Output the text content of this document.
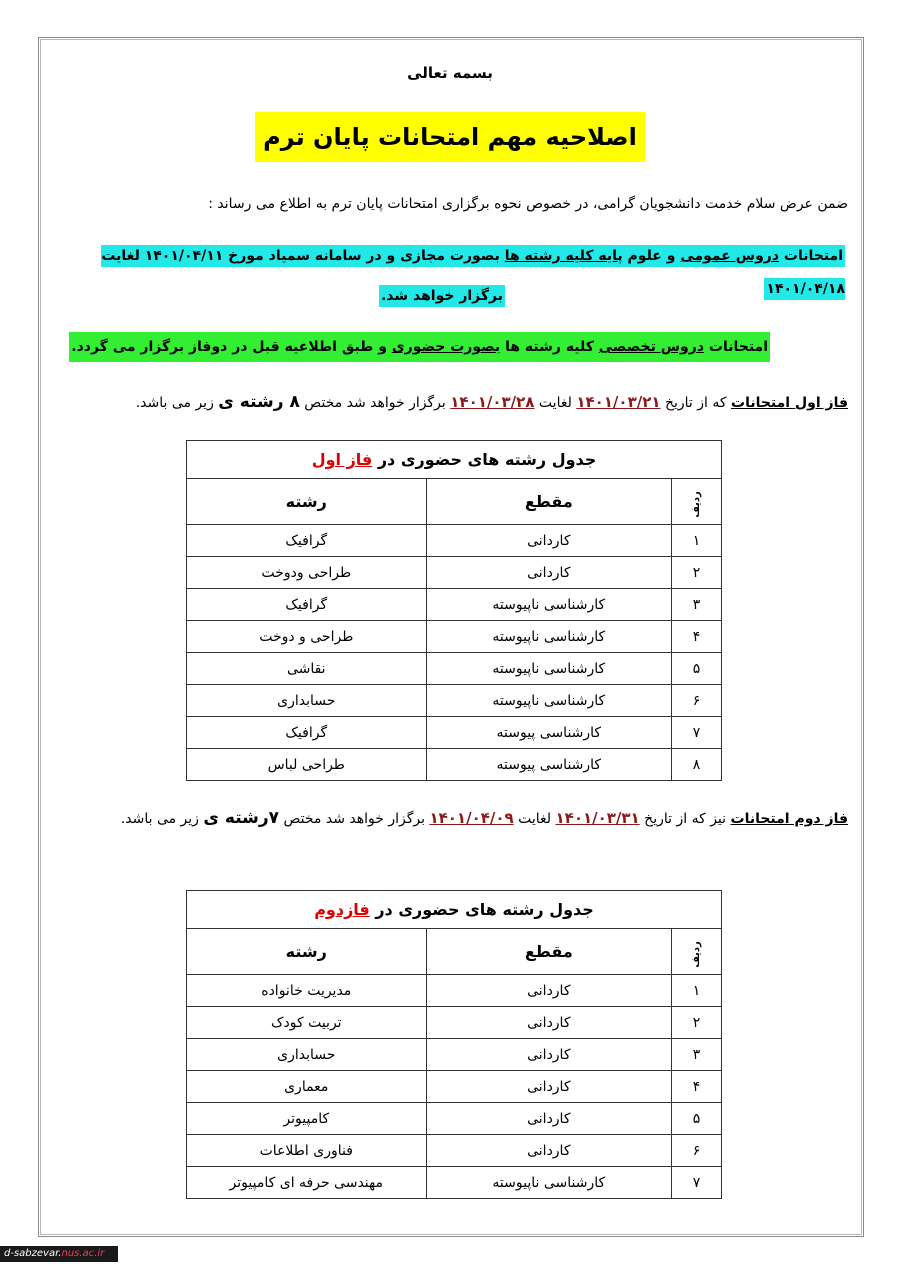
بسمه تعالی
اصلاحیه مهم امتحانات پایان ترم
ضمن عرض سلام خدمت دانشجویان گرامی، در خصوص نحوه برگزاری امتحانات پایان ترم به اطلاع می رساند :
امتحانات دروس عمومی و علوم پایه کلیه رشته ها بصورت مجازی و در سامانه سمیاد مورخ ۱۴۰۱/۰۴/۱۱ لغایت ۱۴۰۱/۰۴/۱۸
برگزار خواهد شد.
امتحانات دروس تخصصی کلیه رشته ها بصورت حضوری و طبق اطلاعیه قبل در دوفاز برگزار می گردد.
فاز اول امتحانات که از تاریخ ۱۴۰۱/۰۳/۲۱ لغایت ۱۴۰۱/۰۳/۲۸ برگزار خواهد شد مختص ۸ رشته ی زیر می باشد.
جدول رشته های حضوری در فاز اول		
ردیف	مقطع	رشته
۱	کاردانی	گرافیک
۲	کاردانی	طراحی ودوخت
۳	کارشناسی ناپیوسته	گرافیک
۴	کارشناسی ناپیوسته	طراحی و دوخت
۵	کارشناسی ناپیوسته	نقاشی
۶	کارشناسی ناپیوسته	حسابداری
۷	کارشناسی پیوسته	گرافیک
۸	کارشناسی پیوسته	طراحی لباس
فاز دوم امتحانات نیز که از تاریخ ۱۴۰۱/۰۳/۳۱ لغایت ۱۴۰۱/۰۴/۰۹ برگزار خواهد شد مختص ۷رشته ی زیر می باشد.
جدول رشته های حضوری در فازدوم		
ردیف	مقطع	رشته
۱	کاردانی	مدیریت خانواده
۲	کاردانی	تربیت کودک
۳	کاردانی	حسابداری
۴	کاردانی	معماری
۵	کاردانی	کامپیوتر
۶	کاردانی	فناوری اطلاعات
۷	کارشناسی ناپیوسته	مهندسی حرفه ای کامپیوتر
d-sabzevar.nus.ac.ir
